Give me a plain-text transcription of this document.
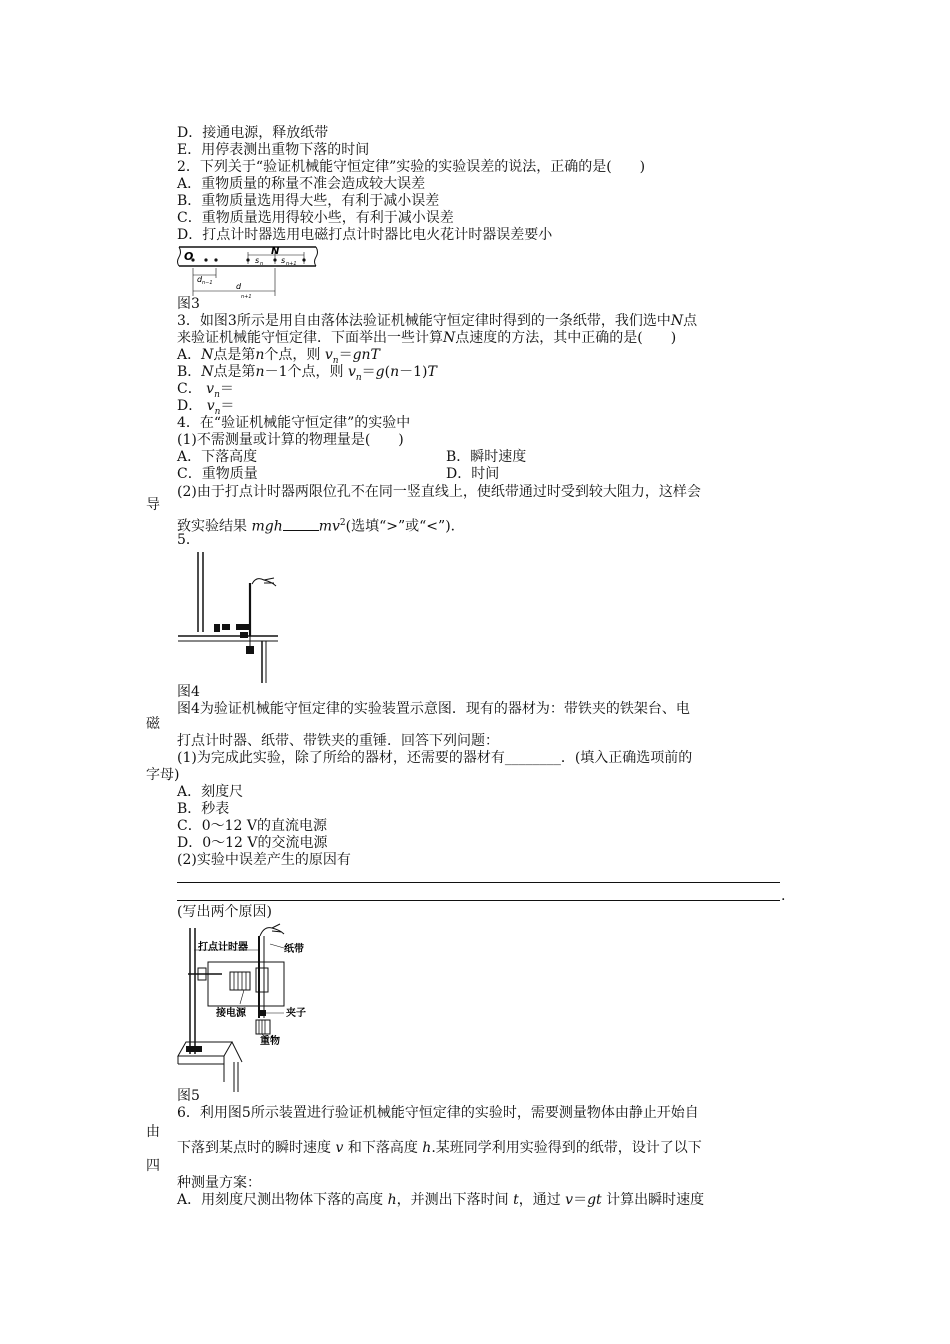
D．接通电源，释放纸带
E．用停表测出重物下落的时间
2．下列关于“验证机械能守恒定律”实验的实验误差的说法，正确的是(　　)
A．重物质量的称量不准会造成较大误差
B．重物质量选用得大些，有利于减小误差
C．重物质量选用得较小些，有利于减小误差
D．打点计时器选用电磁打点计时器比电火花计时器误差要小
O	N
s n s n+1
d n−1	d
n+1
图3
3．如图3所示是用自由落体法验证机械能守恒定律时得到的一条纸带，我们选中N点
来验证机械能守恒定律．下面举出一些计算N点速度的方法，其中正确的是(　　)
A．N点是第n个点，则 $v_n=gnT$
B．N点是第n－1个点，则 $v_n=g(n-1)T$
C． $v_n=$
D． $v_n=$
4．在“验证机械能守恒定律”的实验中
(1)不需测量或计算的物理量是(　　)
A．下落高度	B．瞬时速度
C．重物质量	D．时间
(2)由于打点计时器两限位孔不在同一竖直线上，使纸带通过时受到较大阻力，这样会
导
致实验结果 mgh	$mv^2$(选填“>”或“<”)．
5．
图4
图4为验证机械能守恒定律的实验装置示意图．现有的器材为：带铁夹的铁架台、电
磁
打点计时器、纸带、带铁夹的重锤．回答下列问题：
(1)为完成此实验，除了所给的器材，还需要的器材有________．(填入正确选项前的
字母)
A．刻度尺
B．秒表
C．0～12 V的直流电源
D．0～12 V的交流电源
(2)实验中误差产生的原因有
.
(写出两个原因)
打点计时器	纸带
接电源	夹子
重物
图5
6．利用图5所示装置进行验证机械能守恒定律的实验时，需要测量物体由静止开始自
由
下落到某点时的瞬时速度 v 和下落高度 h.某班同学利用实验得到的纸带，设计了以下
四
种测量方案：
A．用刻度尺测出物体下落的高度 h，并测出下落时间 t，通过 v＝gt 计算出瞬时速度
